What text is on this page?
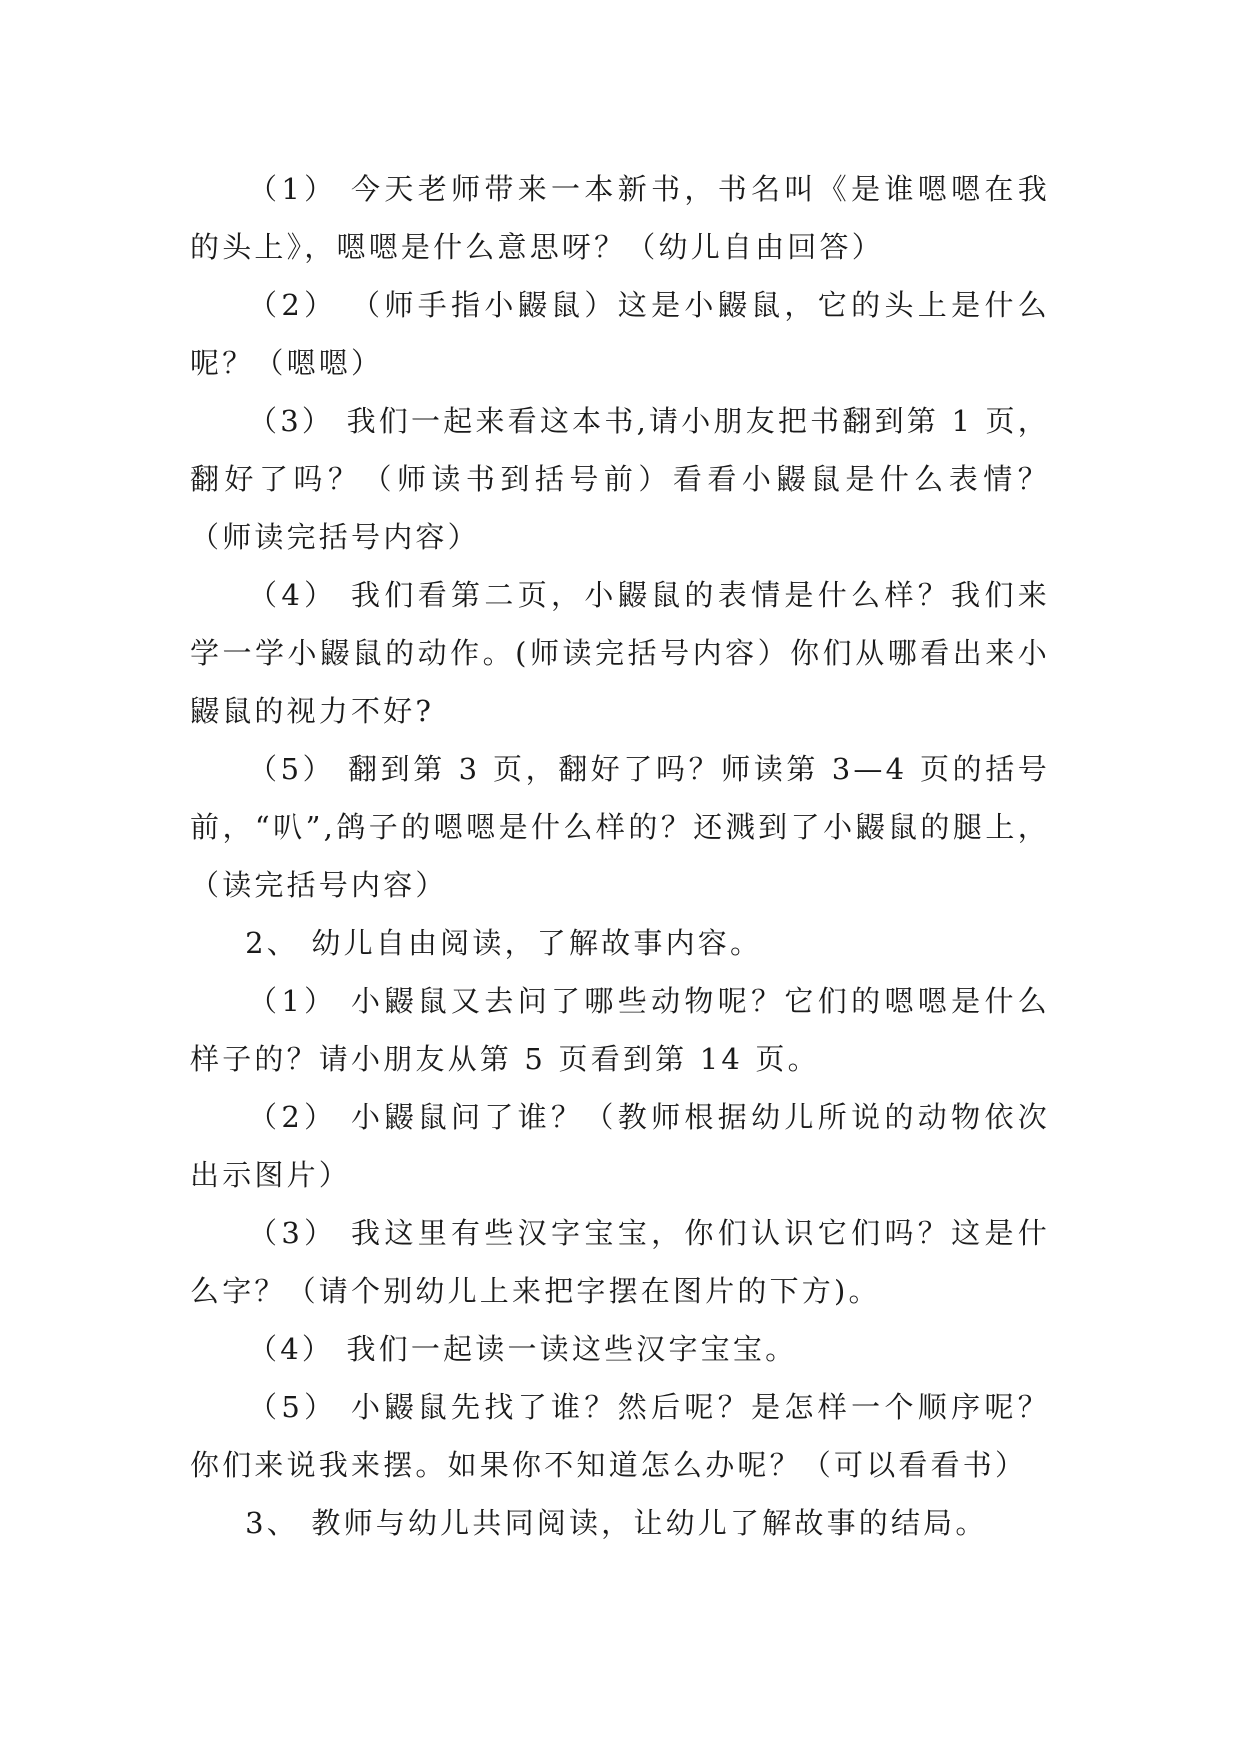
（1） 今天老师带来一本新书，书名叫《是谁嗯嗯在我的头上》，嗯嗯是什么意思呀？（幼儿自由回答）

（2） （师手指小鼹鼠）这是小鼹鼠，它的头上是什么呢？（嗯嗯）

（3） 我们一起来看这本书,请小朋友把书翻到第 1 页，翻好了吗？（师读书到括号前）看看小鼹鼠是什么表情？（师读完括号内容）

（4） 我们看第二页，小鼹鼠的表情是什么样？我们来学一学小鼹鼠的动作。(师读完括号内容）你们从哪看出来小鼹鼠的视力不好?

（5） 翻到第 3 页，翻好了吗？师读第 3—4 页的括号前，“叭”,鸽子的嗯嗯是什么样的？还溅到了小鼹鼠的腿上，（读完括号内容）

2、 幼儿自由阅读，了解故事内容。

（1） 小鼹鼠又去问了哪些动物呢？它们的嗯嗯是什么样子的？请小朋友从第 5 页看到第 14 页。

（2） 小鼹鼠问了谁？（教师根据幼儿所说的动物依次出示图片）

（3） 我这里有些汉字宝宝，你们认识它们吗？这是什么字？（请个别幼儿上来把字摆在图片的下方)。

（4） 我们一起读一读这些汉字宝宝。

（5） 小鼹鼠先找了谁？然后呢？是怎样一个顺序呢？你们来说我来摆。如果你不知道怎么办呢？（可以看看书）

3、 教师与幼儿共同阅读，让幼儿了解故事的结局。
